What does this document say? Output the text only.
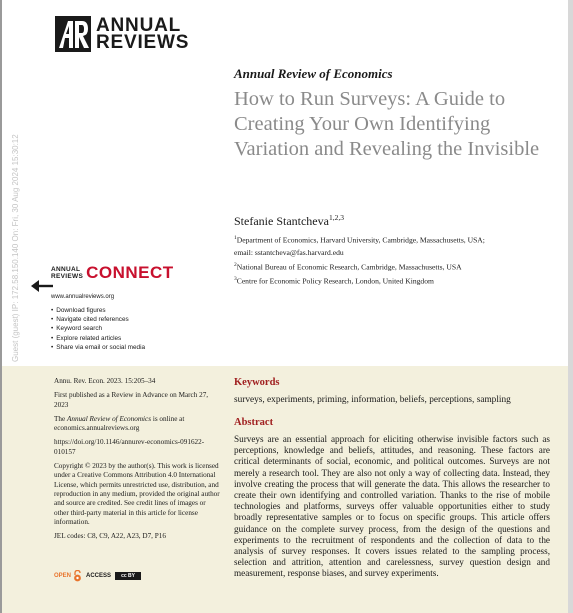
ANNUAL
REVIEWS
Guest (guest) IP: 172.58.150.140 On: Fri, 30 Aug 2024 15:30:12
Annual Review of Economics
How to Run Surveys: A Guide to Creating Your Own Identifying Variation and Revealing the Invisible
Stefanie Stantcheva$^{1,2,3}$

$^1$Department of Economics, Harvard University, Cambridge, Massachusetts, USA;

email: sstantcheva@fas.harvard.edu

$^2$National Bureau of Economic Research, Cambridge, Massachusetts, USA

$^3$Centre for Economic Policy Research, London, United Kingdom

ANNUAL
REVIEWS CONNECT
www.annualreviews.org
• Download figures
• Navigate cited references
• Keyword search
• Explore related articles
• Share via email or social media

Annu. Rev. Econ. 2023. 15:205–34

First published as a Review in Advance on March 27, 2023

The Annual Review of Economics is online at economics.annualreviews.org

https://doi.org/10.1146/annurev-economics-091622-010157

Copyright © 2023 by the author(s). This work is licensed under a Creative Commons Attribution 4.0 International License, which permits unrestricted use, distribution, and reproduction in any medium, provided the original author and source are credited. See credit lines of images or other third-party material in this article for license information.

JEL codes: C8, C9, A22, A23, D7, P16

OPEN	ACCESS	cc BY
Keywords
surveys, experiments, priming, information, beliefs, perceptions, sampling
Abstract
Surveys are an essential approach for eliciting otherwise invisible factors such as perceptions, knowledge and beliefs, attitudes, and reasoning. These factors are critical determinants of social, economic, and political outcomes. Surveys are not merely a research tool. They are also not only a way of collecting data. Instead, they involve creating the process that will generate the data. This allows the researcher to create their own identifying and controlled variation. Thanks to the rise of mobile technologies and platforms, surveys offer valuable opportunities either to study broadly representative samples or to focus on specific groups. This article offers guidance on the complete survey process, from the design of the questions and experiments to the recruitment of respondents and the collection of data to the analysis of survey responses. It covers issues related to the sampling process, selection and attrition, attention and carelessness, survey question design and measurement, response biases, and survey experiments.
